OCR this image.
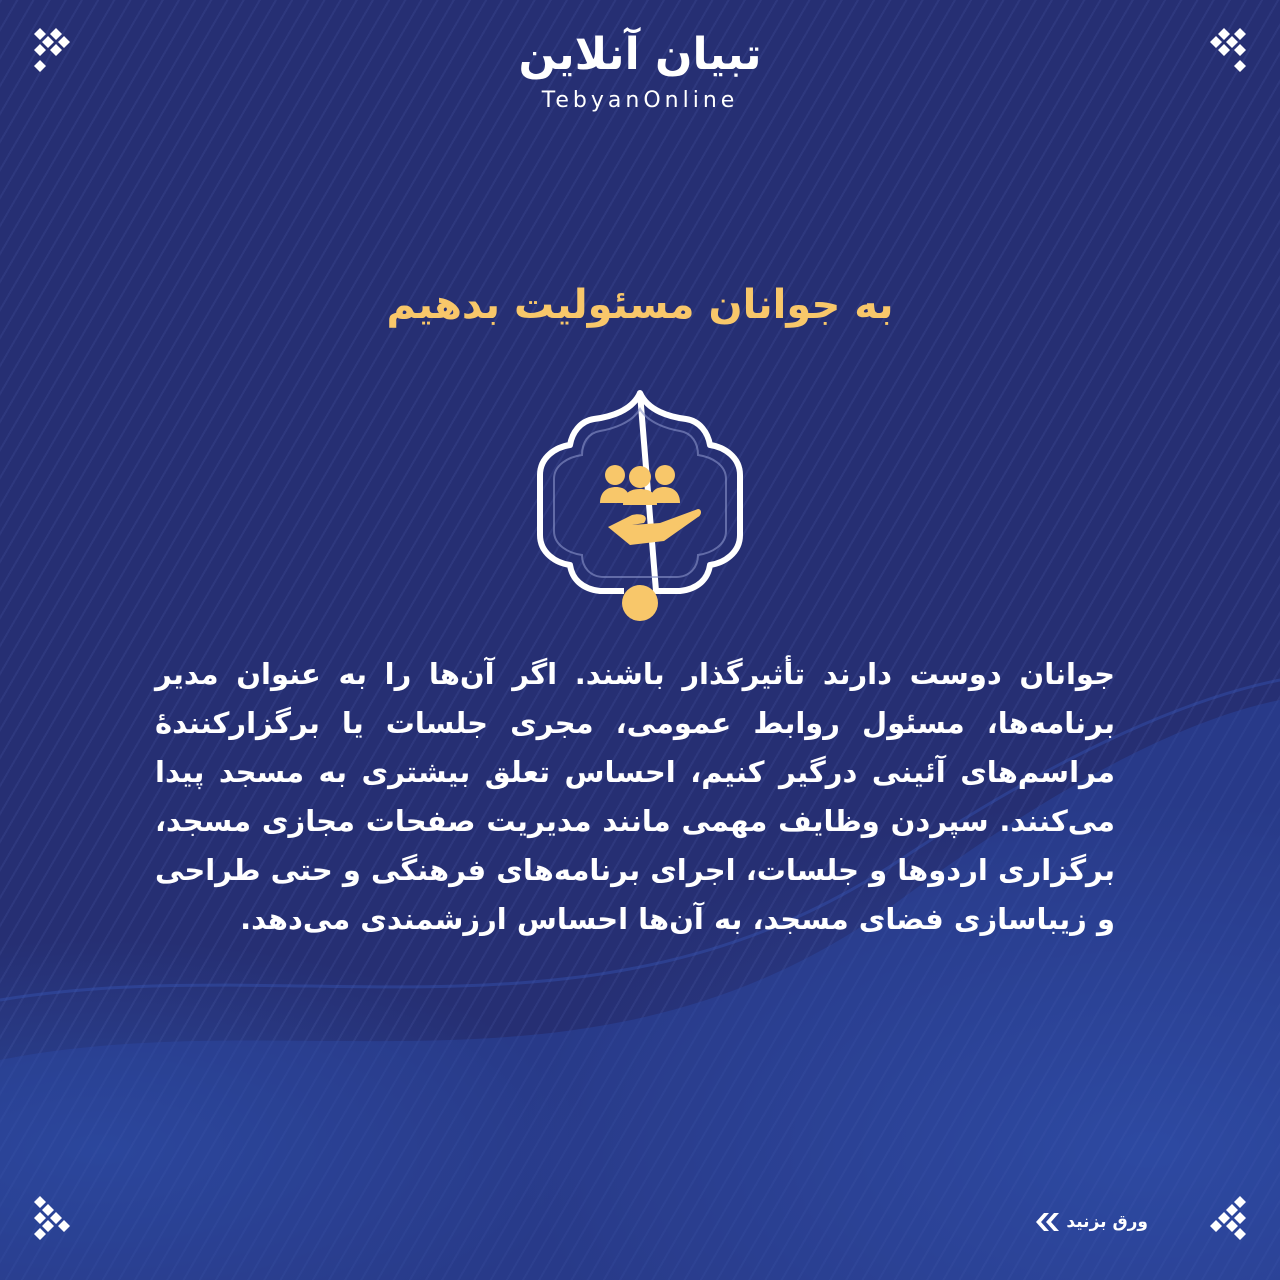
تبیان آنلاین
TebyanOnline
به جوانان مسئولیت بدهیم
جوانان دوست دارند تأثیرگذار باشند. اگر آن‌ها را به عنوان مدیر برنامه‌ها، مسئول روابط عمومی، مجری جلسات یا برگزارکنندهٔ مراسم‌های آئینی درگیر کنیم، احساس تعلق بیشتری به مسجد پیدا می‌کنند. سپردن وظایف مهمی مانند مدیریت صفحات مجازی مسجد، برگزاری اردوها و جلسات، اجرای برنامه‌های فرهنگی و حتی طراحی و زیباسازی فضای مسجد، به آن‌ها احساس ارزشمندی می‌دهد.
ورق بزنید
